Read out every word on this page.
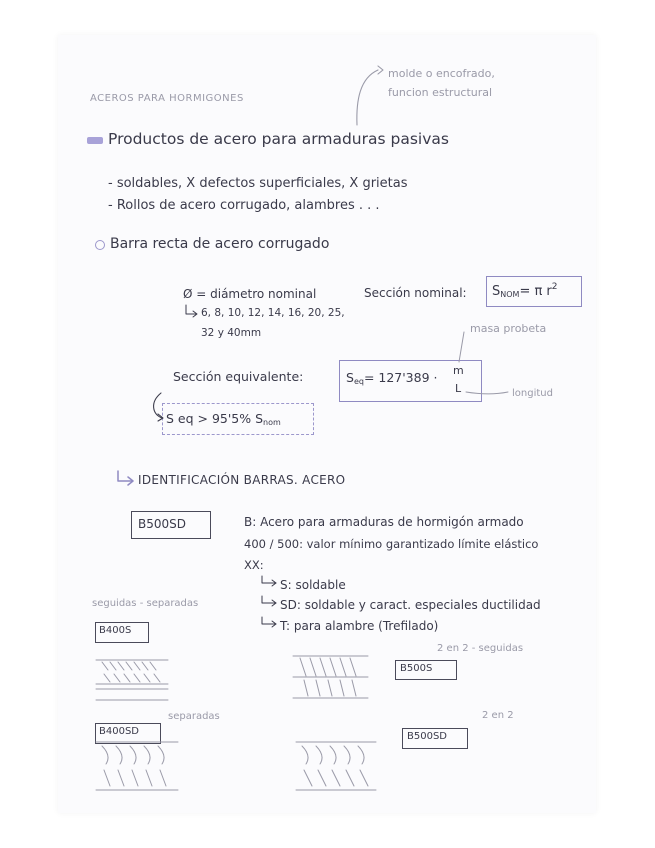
ACEROS PARA HORMIGONES
molde o encofrado,
funcion estructural
Productos de acero para armaduras pasivas
- soldables, X defectos superficiales, X grietas
- Rollos de acero corrugado, alambres . . .
Barra recta de acero corrugado
Ø = diámetro nominal
6, 8, 10, 12, 14, 16, 20, 25,
32 y 40mm
Sección nominal: $S_{NOM}= \pi$ $r^2$
masa probeta
Sección equivalente:	$S_{eq}= 127'389 \cdot m$
L	longitud
S eq > 95'5% $S_{nom}$
IDENTIFICACIÓN BARRAS. ACERO
B500SD	B: Acero para armaduras de hormigón armado
400 / 500: valor mínimo garantizado límite elástico
XX:
S: soldable
SD: soldable y caract. especiales ductilidad
T: para alambre (Trefilado)
seguidas - separadas
B400S
2 en 2 - seguidas
B500S
separadas
B400SD
2 en 2
B500SD
